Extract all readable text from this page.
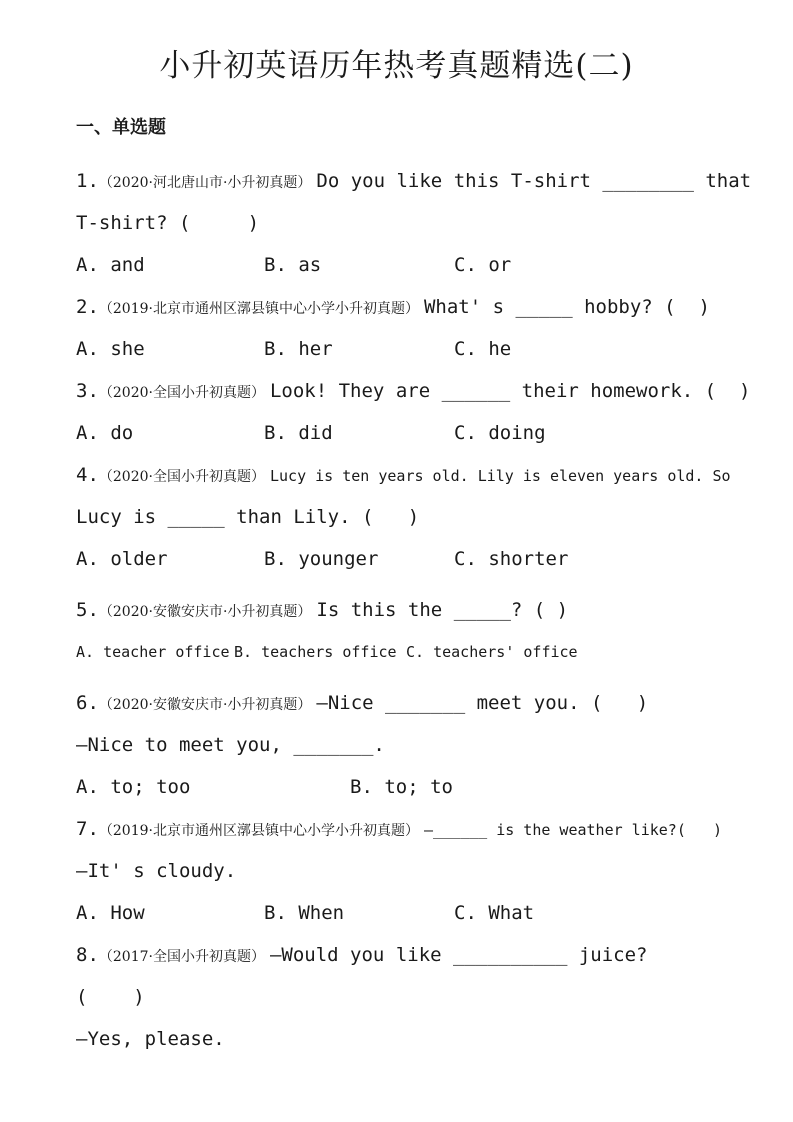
小升初英语历年热考真题精选(二)
一、单选题
1.（2020·河北唐山市·小升初真题） Do you like this T-shirt ________ that
T-shirt? (     )

A. and

	B. as

	C. or

2.（2019·北京市通州区漷县镇中心小学小升初真题） What' s _____ hobby? (  )

A. she

	B. her

	C. he

3.（2020·全国小升初真题） Look! They are ______ their homework. (  )

A. do

	B. did

	C. doing

4.（2020·全国小升初真题） Lucy is ten years old. Lily is eleven years old. So
Lucy is _____ than Lily. (   )

A. older

	B. younger

	C. shorter

5.（2020·安徽安庆市·小升初真题） Is this the _____? ( )

A. teacher office

B. teachers office

C. teachers' office

6.（2020·安徽安庆市·小升初真题） —Nice _______ meet you. (   )
—Nice to meet you, _______.

A. to; too

	B. to; to

7.（2019·北京市通州区漷县镇中心小学小升初真题） —______ is the weather like?(   )
—It' s cloudy.

A. How

	B. When

	C. What

8.（2017·全国小升初真题） —Would you like __________ juice?
(    )
—Yes, please.
